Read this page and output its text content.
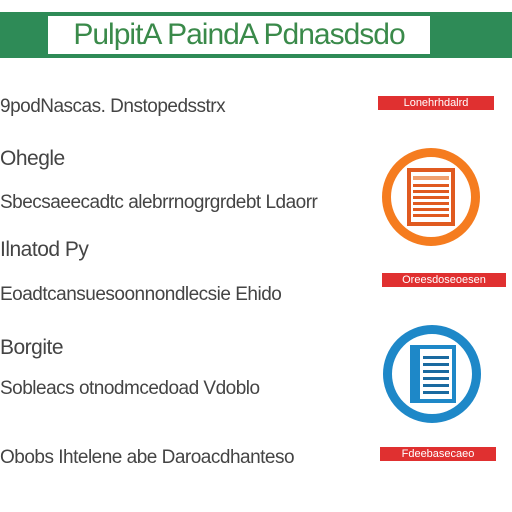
PulpitA PaindA Pdnasdsdo
9podNascas. Dnstopedsstrx
Ohegle
Sbecsaeecadtc alebrrnogrgrdebt Ldaorr
Ilnatod Py
Eoadtcansuesoonnondlecsie Ehido
Borgite
Sobleacs otnodmcedoad Vdoblo
Obobs Ihtelene abe Daroacdhanteso
Lonehrhdalrd
Oreesdoseoesen
Fdeebasecaeo
